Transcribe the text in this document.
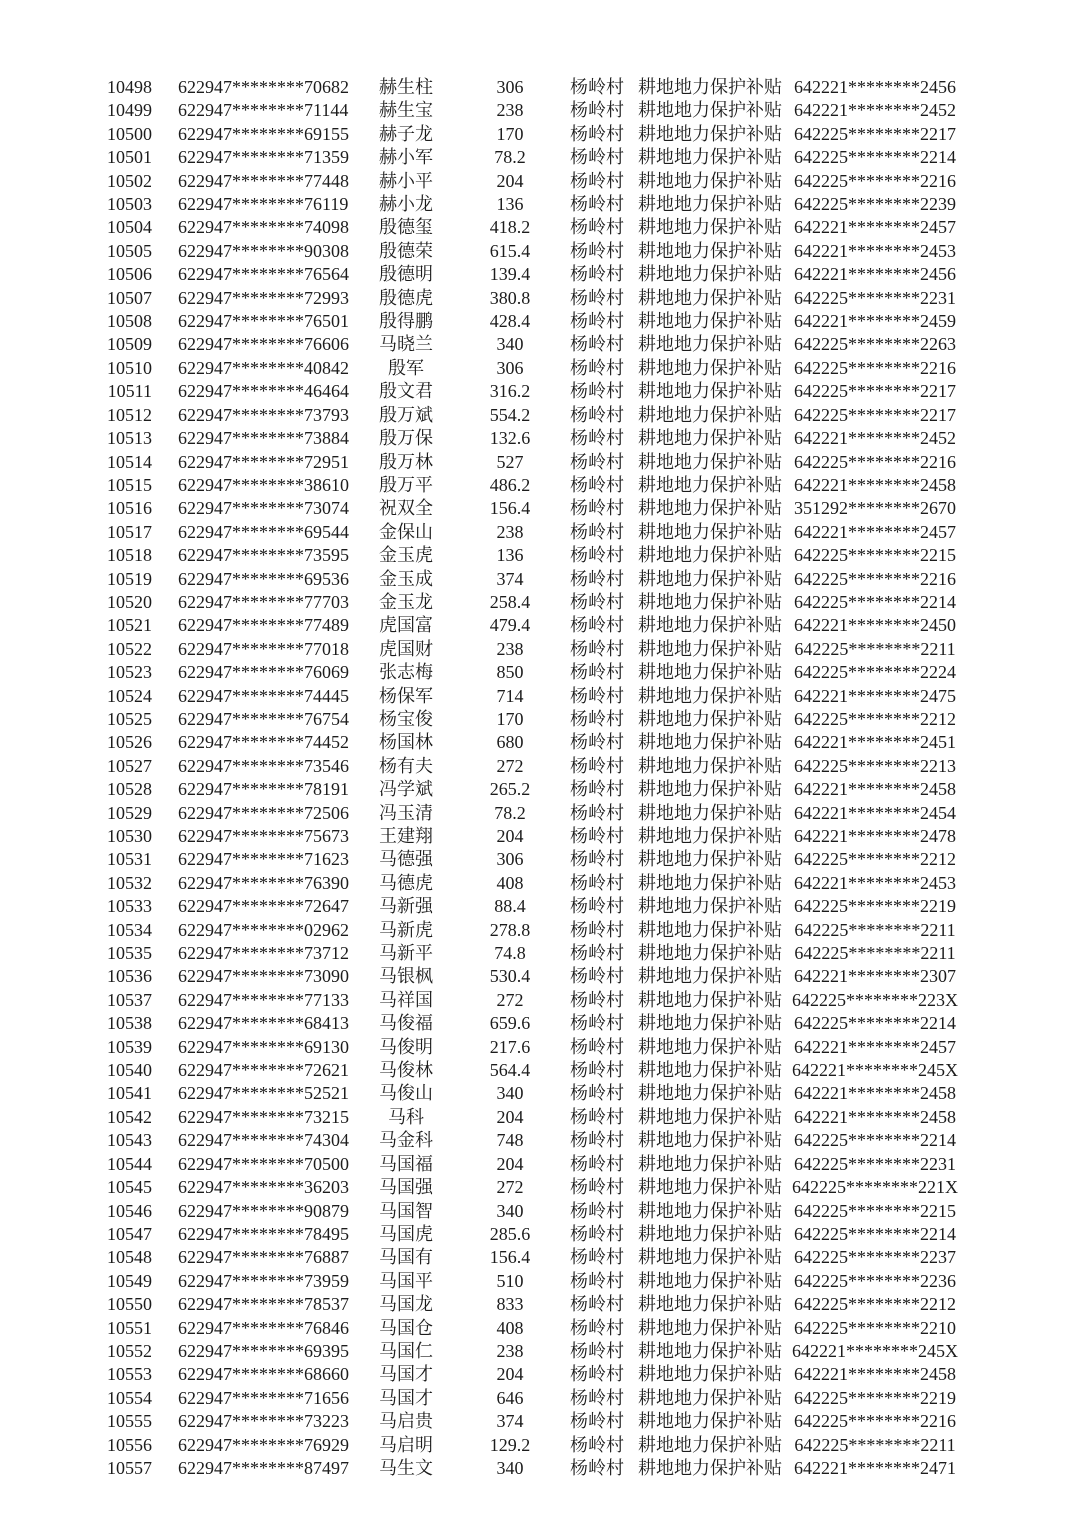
10498	622947********70682	赫生柱	306	杨岭村 耕地地力保护补贴 642221********2456
10499	622947********71144	赫生宝	238	杨岭村 耕地地力保护补贴 642221********2452
10500	622947********69155	赫子龙	170	杨岭村 耕地地力保护补贴 642225********2217
10501	622947********71359	赫小军	78.2	杨岭村 耕地地力保护补贴 642225********2214
10502	622947********77448	赫小平	204	杨岭村 耕地地力保护补贴 642225********2216
10503	622947********76119	赫小龙	136	杨岭村 耕地地力保护补贴 642225********2239
10504	622947********74098	殷德玺	418.2	杨岭村 耕地地力保护补贴 642221********2457
10505	622947********90308	殷德荣	615.4	杨岭村 耕地地力保护补贴 642221********2453
10506	622947********76564	殷德明	139.4	杨岭村 耕地地力保护补贴 642221********2456
10507	622947********72993	殷德虎	380.8	杨岭村 耕地地力保护补贴 642225********2231
10508	622947********76501	殷得鹏	428.4	杨岭村 耕地地力保护补贴 642221********2459
10509	622947********76606	马晓兰	340	杨岭村 耕地地力保护补贴 642225********2263
10510	622947********40842	殷军	306	杨岭村 耕地地力保护补贴 642225********2216
10511	622947********46464	殷文君	316.2	杨岭村 耕地地力保护补贴 642225********2217
10512	622947********73793	殷万斌	554.2	杨岭村 耕地地力保护补贴 642225********2217
10513	622947********73884	殷万保	132.6	杨岭村 耕地地力保护补贴 642221********2452
10514	622947********72951	殷万林	527	杨岭村 耕地地力保护补贴 642225********2216
10515	622947********38610	殷万平	486.2	杨岭村 耕地地力保护补贴 642221********2458
10516	622947********73074	祝双全	156.4	杨岭村 耕地地力保护补贴 351292********2670
10517	622947********69544	金保山	238	杨岭村 耕地地力保护补贴 642221********2457
10518	622947********73595	金玉虎	136	杨岭村 耕地地力保护补贴 642225********2215
10519	622947********69536	金玉成	374	杨岭村 耕地地力保护补贴 642225********2216
10520	622947********77703	金玉龙	258.4	杨岭村 耕地地力保护补贴 642225********2214
10521	622947********77489	虎国富	479.4	杨岭村 耕地地力保护补贴 642221********2450
10522	622947********77018	虎国财	238	杨岭村 耕地地力保护补贴 642225********2211
10523	622947********76069	张志梅	850	杨岭村 耕地地力保护补贴 642225********2224
10524	622947********74445	杨保军	714	杨岭村 耕地地力保护补贴 642221********2475
10525	622947********76754	杨宝俊	170	杨岭村 耕地地力保护补贴 642225********2212
10526	622947********74452	杨国林	680	杨岭村 耕地地力保护补贴 642221********2451
10527	622947********73546	杨有夫	272	杨岭村 耕地地力保护补贴 642225********2213
10528	622947********78191	冯学斌	265.2	杨岭村 耕地地力保护补贴 642221********2458
10529	622947********72506	冯玉清	78.2	杨岭村 耕地地力保护补贴 642221********2454
10530	622947********75673	王建翔	204	杨岭村 耕地地力保护补贴 642221********2478
10531	622947********71623	马德强	306	杨岭村 耕地地力保护补贴 642225********2212
10532	622947********76390	马德虎	408	杨岭村 耕地地力保护补贴 642221********2453
10533	622947********72647	马新强	88.4	杨岭村 耕地地力保护补贴 642225********2219
10534	622947********02962	马新虎	278.8	杨岭村 耕地地力保护补贴 642225********2211
10535	622947********73712	马新平	74.8	杨岭村 耕地地力保护补贴 642225********2211
10536	622947********73090	马银枫	530.4	杨岭村 耕地地力保护补贴 642221********2307
10537	622947********77133	马祥国	272	杨岭村 耕地地力保护补贴 642225********223X
10538	622947********68413	马俊福	659.6	杨岭村 耕地地力保护补贴 642225********2214
10539	622947********69130	马俊明	217.6	杨岭村 耕地地力保护补贴 642221********2457
10540	622947********72621	马俊林	564.4	杨岭村 耕地地力保护补贴 642221********245X
10541	622947********52521	马俊山	340	杨岭村 耕地地力保护补贴 642221********2458
10542	622947********73215	马科	204	杨岭村 耕地地力保护补贴 642221********2458
10543	622947********74304	马金科	748	杨岭村 耕地地力保护补贴 642225********2214
10544	622947********70500	马国福	204	杨岭村 耕地地力保护补贴 642225********2231
10545	622947********36203	马国强	272	杨岭村 耕地地力保护补贴 642225********221X
10546	622947********90879	马国智	340	杨岭村 耕地地力保护补贴 642225********2215
10547	622947********78495	马国虎	285.6	杨岭村 耕地地力保护补贴 642225********2214
10548	622947********76887	马国有	156.4	杨岭村 耕地地力保护补贴 642225********2237
10549	622947********73959	马国平	510	杨岭村 耕地地力保护补贴 642225********2236
10550	622947********78537	马国龙	833	杨岭村 耕地地力保护补贴 642225********2212
10551	622947********76846	马国仓	408	杨岭村 耕地地力保护补贴 642225********2210
10552	622947********69395	马国仁	238	杨岭村 耕地地力保护补贴 642221********245X
10553	622947********68660	马国才	204	杨岭村 耕地地力保护补贴 642221********2458
10554	622947********71656	马国才	646	杨岭村 耕地地力保护补贴 642225********2219
10555	622947********73223	马启贵	374	杨岭村 耕地地力保护补贴 642225********2216
10556	622947********76929	马启明	129.2	杨岭村 耕地地力保护补贴 642225********2211
10557	622947********87497	马生文	340	杨岭村 耕地地力保护补贴 642221********2471
